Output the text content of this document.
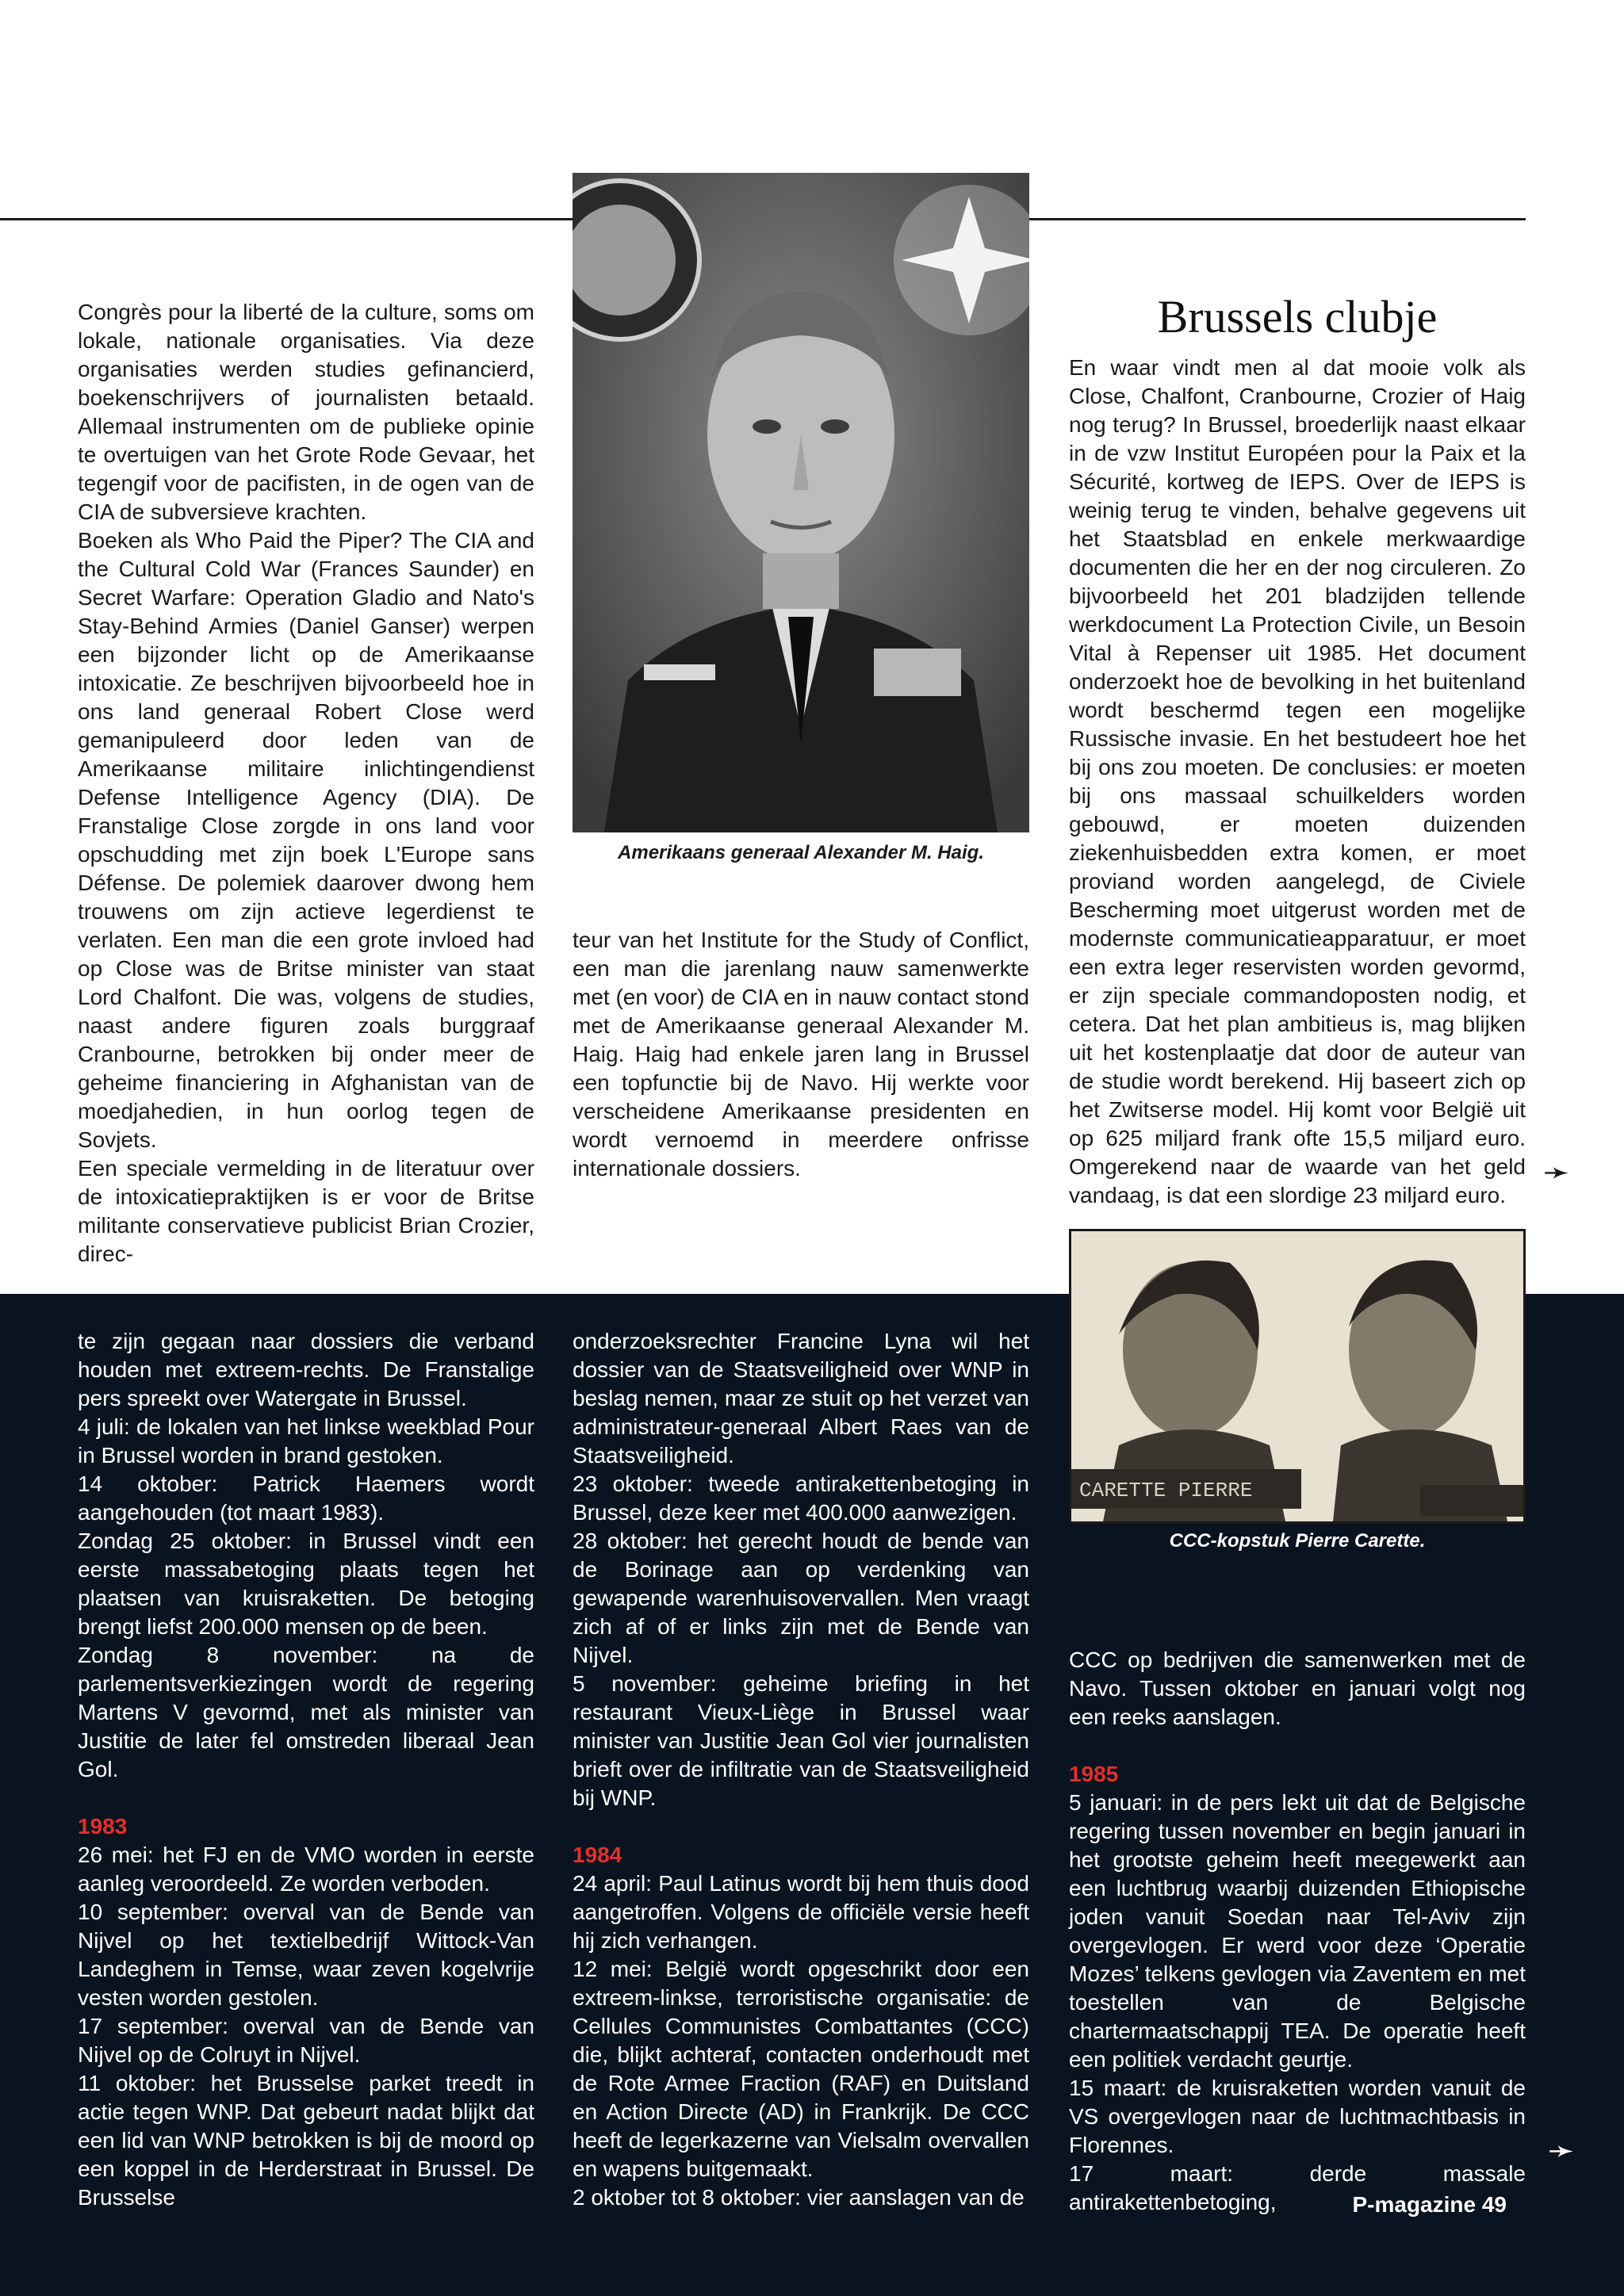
Amerikaans generaal Alexander M. Haig.

Congrès pour la liberté de la culture, soms om lokale, nationale organisaties. Via deze organisaties werden studies gefinancierd, boekenschrijvers of journalisten betaald. Allemaal instrumenten om de publieke opinie te overtuigen van het Grote Rode Gevaar, het tegengif voor de pacifisten, in de ogen van de CIA de subversieve krachten.

Boeken als Who Paid the Piper? The CIA and the Cultural Cold War (Frances Saunder) en Secret Warfare: Operation Gladio and Nato's Stay-Behind Armies (Daniel Ganser) werpen een bijzonder licht op de Amerikaanse intoxicatie. Ze beschrijven bijvoorbeeld hoe in ons land generaal Robert Close werd gemanipuleerd door leden van de Amerikaanse militaire inlichtingendienst Defense Intelligence Agency (DIA). De Franstalige Close zorgde in ons land voor opschudding met zijn boek L'Europe sans Défense. De polemiek daarover dwong hem trouwens om zijn actieve legerdienst te verlaten. Een man die een grote invloed had op Close was de Britse minister van staat Lord Chalfont. Die was, volgens de studies, naast andere figuren zoals burggraaf Cranbourne, betrokken bij onder meer de geheime financiering in Afghanistan van de moedjahedien, in hun oorlog tegen de Sovjets.

Een speciale vermelding in de literatuur over de intoxicatiepraktijken is er voor de Britse militante conservatieve publicist Brian Crozier, direc-

teur van het Institute for the Study of Conflict, een man die jarenlang nauw samenwerkte met (en voor) de CIA en in nauw contact stond met de Amerikaanse generaal Alexander M. Haig. Haig had enkele jaren lang in Brussel een topfunctie bij de Navo. Hij werkte voor verscheidene Amerikaanse presidenten en wordt vernoemd in meerdere onfrisse internationale dossiers.

Brussels clubje

En waar vindt men al dat mooie volk als Close, Chalfont, Cranbourne, Crozier of Haig nog terug? In Brussel, broederlijk naast elkaar in de vzw Institut Européen pour la Paix et la Sécurité, kortweg de IEPS. Over de IEPS is weinig terug te vinden, behalve gegevens uit het Staatsblad en enkele merkwaardige documenten die her en der nog circuleren. Zo bijvoorbeeld het 201 bladzijden tellende werkdocument La Protection Civile, un Besoin Vital à Repenser uit 1985. Het document onderzoekt hoe de bevolking in het buitenland wordt beschermd tegen een mogelijke Russische invasie. En het bestudeert hoe het bij ons zou moeten. De conclusies: er moeten bij ons massaal schuilkelders worden gebouwd, er moeten duizenden ziekenhuisbedden extra komen, er moet proviand worden aangelegd, de Civiele Bescherming moet uitgerust worden met de modernste communicatieapparatuur, er moet een extra leger reservisten worden gevormd, er zijn speciale commandoposten nodig, et cetera. Dat het plan ambitieus is, mag blijken uit het kostenplaatje dat door de auteur van de studie wordt berekend. Hij baseert zich op het Zwitserse model. Hij komt voor België uit op 625 miljard frank ofte 15,5 miljard euro. Omgerekend naar de waarde van het geld vandaag, is dat een slordige 23 miljard euro.

➛
CARETTE PIERRE
CCC-kopstuk Pierre Carette.

te zijn gegaan naar dossiers die verband houden met extreem-rechts. De Franstalige pers spreekt over Watergate in Brussel.

4 juli: de lokalen van het linkse weekblad Pour in Brussel worden in brand gestoken.

14 oktober: Patrick Haemers wordt aangehouden (tot maart 1983).

Zondag 25 oktober: in Brussel vindt een eerste massabetoging plaats tegen het plaatsen van kruisraketten. De betoging brengt liefst 200.000 mensen op de been.

Zondag 8 november: na de parlementsverkiezingen wordt de regering Martens V gevormd, met als minister van Justitie de later fel omstreden liberaal Jean Gol.

1983

26 mei: het FJ en de VMO worden in eerste aanleg veroordeeld. Ze worden verboden.

10 september: overval van de Bende van Nijvel op het textielbedrijf Wittock-Van Landeghem in Temse, waar zeven kogelvrije vesten worden gestolen.

17 september: overval van de Bende van Nijvel op de Colruyt in Nijvel.

11 oktober: het Brusselse parket treedt in actie tegen WNP. Dat gebeurt nadat blijkt dat een lid van WNP betrokken is bij de moord op een koppel in de Herderstraat in Brussel. De Brusselse

onderzoeksrechter Francine Lyna wil het dossier van de Staatsveiligheid over WNP in beslag nemen, maar ze stuit op het verzet van administrateur-generaal Albert Raes van de Staatsveiligheid.

23 oktober: tweede antirakettenbetoging in Brussel, deze keer met 400.000 aanwezigen.

28 oktober: het gerecht houdt de bende van de Borinage aan op verdenking van gewapende warenhuisovervallen. Men vraagt zich af of er links zijn met de Bende van Nijvel.

5 november: geheime briefing in het restaurant Vieux-Liège in Brussel waar minister van Justitie Jean Gol vier journalisten brieft over de infiltratie van de Staatsveiligheid bij WNP.

1984

24 april: Paul Latinus wordt bij hem thuis dood aangetroffen. Volgens de officiële versie heeft hij zich verhangen.

12 mei: België wordt opgeschrikt door een extreem-linkse, terroristische organisatie: de Cellules Communistes Combattantes (CCC) die, blijkt achteraf, contacten onderhoudt met de Rote Armee Fraction (RAF) en Duitsland en Action Directe (AD) in Frankrijk. De CCC heeft de legerkazerne van Vielsalm overvallen en wapens buitgemaakt.

2 oktober tot 8 oktober: vier aanslagen van de

CCC op bedrijven die samenwerken met de Navo. Tussen oktober en januari volgt nog een reeks aanslagen.

1985

5 januari: in de pers lekt uit dat de Belgische regering tussen november en begin januari in het grootste geheim heeft meegewerkt aan een luchtbrug waarbij duizenden Ethiopische joden vanuit Soedan naar Tel-Aviv zijn overgevlogen. Er werd voor deze ‘Operatie Mozes’ telkens gevlogen via Zaventem en met toestellen van de Belgische chartermaatschappij TEA. De operatie heeft een politiek verdacht geurtje.

15 maart: de kruisraketten worden vanuit de VS overgevlogen naar de luchtmachtbasis in Florennes.

17 maart: derde massale antirakettenbetoging,

➛
P-magazine 49
